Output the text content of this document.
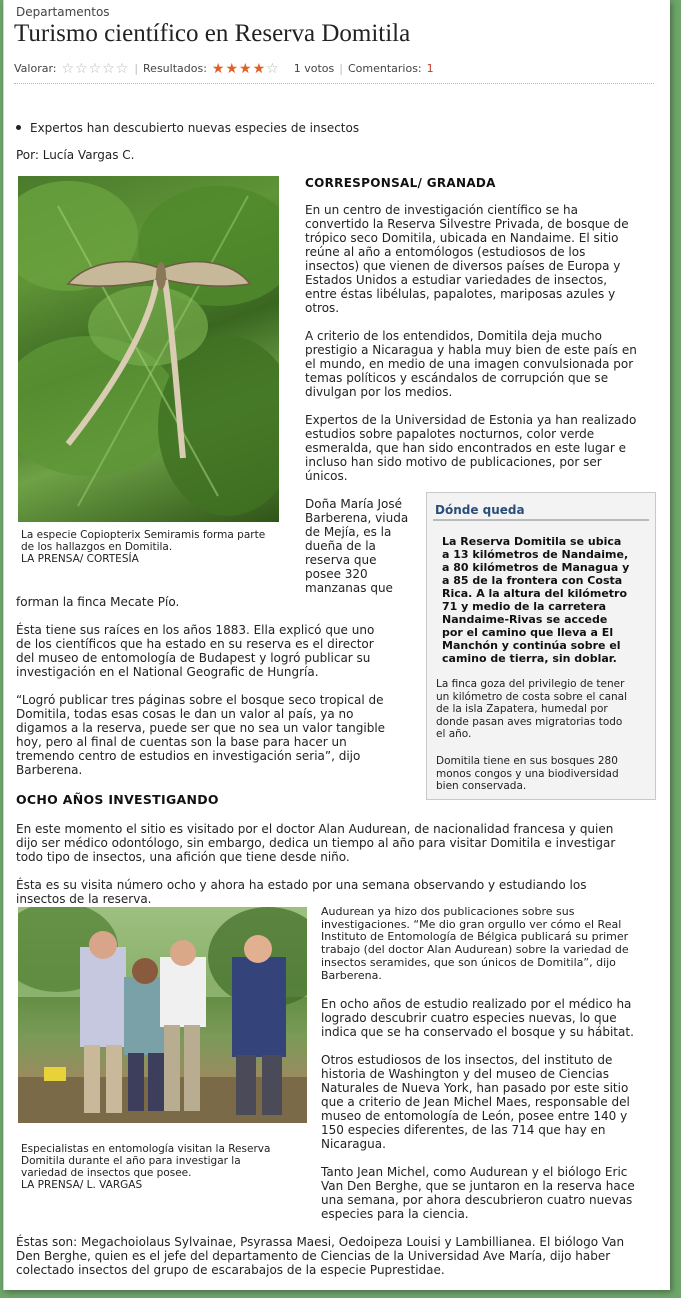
Departamentos
Turismo científico en Reserva Domitila
Valorar: ☆ ☆ ☆ ☆ ☆ | Resultados: ★ ★ ★ ★ ☆ 1 votos | Comentarios: 1
Expertos han descubierto nuevas especies de insectos
Por: Lucía Vargas C.
La especie Copiopterix Semiramis forma parte
de los hallazgos en Domitila.
LA PRENSA/ CORTESÍA
CORRESPONSAL/ GRANADA
En un centro de investigación científico se ha
convertido la Reserva Silvestre Privada, de bosque de
trópico seco Domitila, ubicada en Nandaime. El sitio
reúne al año a entomólogos (estudiosos de los
insectos) que vienen de diversos países de Europa y
Estados Unidos a estudiar variedades de insectos,
entre éstas libélulas, papalotes, mariposas azules y
otros.
A criterio de los entendidos, Domitila deja mucho
prestigio a Nicaragua y habla muy bien de este país en
el mundo, en medio de una imagen convulsionada por
temas políticos y escándalos de corrupción que se
divulgan por los medios.
Expertos de la Universidad de Estonia ya han realizado
estudios sobre papalotes nocturnos, color verde
esmeralda, que han sido encontrados en este lugar e
incluso han sido motivo de publicaciones, por ser
únicos.
Doña María José
Barberena, viuda
de Mejía, es la
dueña de la
reserva que
posee 320
manzanas que
Dónde queda
La Reserva Domitila se ubica
a 13 kilómetros de Nandaime,
a 80 kilómetros de Managua y
a 85 de la frontera con Costa
Rica. A la altura del kilómetro
71 y medio de la carretera
Nandaime-Rivas se accede
por el camino que lleva a El
Manchón y continúa sobre el
camino de tierra, sin doblar.
La finca goza del privilegio de tener
un kilómetro de costa sobre el canal
de la isla Zapatera, humedal por
donde pasan aves migratorias todo
el año.
Domitila tiene en sus bosques 280
monos congos y una biodiversidad
bien conservada.
forman la finca Mecate Pío.
Ésta tiene sus raíces en los años 1883. Ella explicó que uno
de los científicos que ha estado en su reserva es el director
del museo de entomología de Budapest y logró publicar su
investigación en el National Geografic de Hungría.
“Logró publicar tres páginas sobre el bosque seco tropical de
Domitila, todas esas cosas le dan un valor al país, ya no
digamos a la reserva, puede ser que no sea un valor tangible
hoy, pero al final de cuentas son la base para hacer un
tremendo centro de estudios en investigación seria”, dijo
Barberena.
OCHO AÑOS INVESTIGANDO
En este momento el sitio es visitado por el doctor Alan Audurean, de nacionalidad francesa y quien
dijo ser médico odontólogo, sin embargo, dedica un tiempo al año para visitar Domitila e investigar
todo tipo de insectos, una afición que tiene desde niño.
Ésta es su visita número ocho y ahora ha estado por una semana observando y estudiando los
insectos de la reserva.
Especialistas en entomología visitan la Reserva
Domitila durante el año para investigar la
variedad de insectos que posee.
LA PRENSA/ L. VARGAS
Audurean ya hizo dos publicaciones sobre sus
investigaciones. “Me dio gran orgullo ver cómo el Real
Instituto de Entomología de Bélgica publicará su primer
trabajo (del doctor Alan Audurean) sobre la variedad de
insectos seramides, que son únicos de Domitila”, dijo
Barberena.
En ocho años de estudio realizado por el médico ha
logrado descubrir cuatro especies nuevas, lo que
indica que se ha conservado el bosque y su hábitat.
Otros estudiosos de los insectos, del instituto de
historia de Washington y del museo de Ciencias
Naturales de Nueva York, han pasado por este sitio
que a criterio de Jean Michel Maes, responsable del
museo de entomología de León, posee entre 140 y
150 especies diferentes, de las 714 que hay en
Nicaragua.
Tanto Jean Michel, como Audurean y el biólogo Eric
Van Den Berghe, que se juntaron en la reserva hace
una semana, por ahora descubrieron cuatro nuevas
especies para la ciencia.
Éstas son: Megachoiolaus Sylvainae, Psyrassa Maesi, Oedoipeza Louisi y Lambillianea. El biólogo Van
Den Berghe, quien es el jefe del departamento de Ciencias de la Universidad Ave María, dijo haber
colectado insectos del grupo de escarabajos de la especie Puprestidae.
